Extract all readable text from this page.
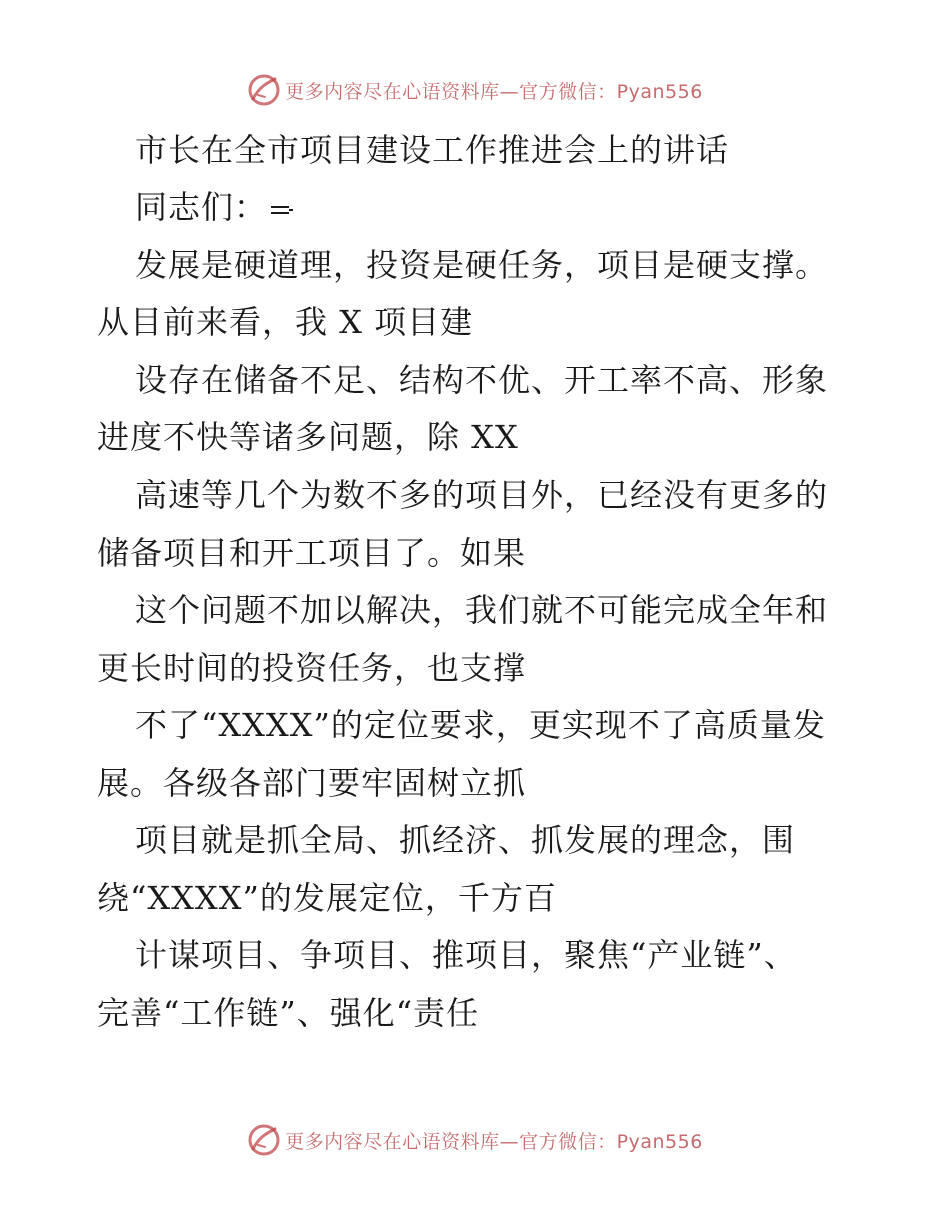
更多内容尽在心语资料库—官方微信：Pyan556
市长在全市项目建设工作推进会上的讲话
同志们：
发展是硬道理，投资是硬任务，项目是硬支撑。
从目前来看，我 X 项目建
设存在储备不足、结构不优、开工率不高、形象
进度不快等诸多问题，除 XX
高速等几个为数不多的项目外，已经没有更多的
储备项目和开工项目了。如果
这个问题不加以解决，我们就不可能完成全年和
更长时间的投资任务，也支撑
不了“XXXX”的定位要求，更实现不了高质量发
展。各级各部门要牢固树立抓
项目就是抓全局、抓经济、抓发展的理念，围
绕“XXXX”的发展定位，千方百
计谋项目、争项目、推项目，聚焦“产业链”、
完善“工作链”、强化“责任
更多内容尽在心语资料库—官方微信：Pyan556
